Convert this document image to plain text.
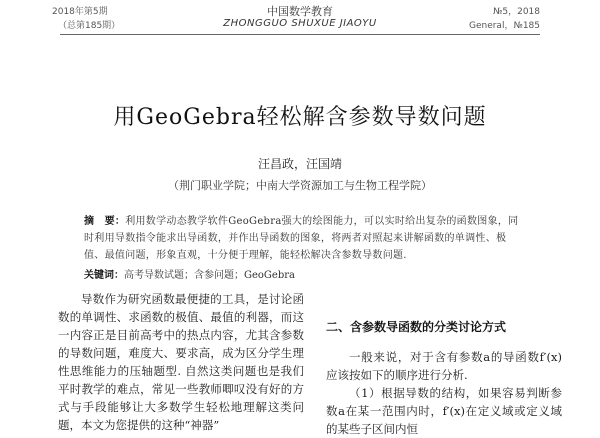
2018年第5期
（总第185期）
中国数学教育
ZHONGGUO SHUXUE JIAOYU
№5，2018
General，№185
用GeoGebra轻松解含参数导数问题
汪昌政，汪国靖
（荆门职业学院；中南大学资源加工与生物工程学院）
摘　要：利用数学动态教学软件GeoGebra强大的绘图能力，可以实时给出复杂的函数图象，同时利用导数指令能求出导函数，并作出导函数的图象，将两者对照起来讲解函数的单调性、极值、最值问题，形象直观，十分便于理解，能轻松解决含参数导数问题.
关键词：高考导数试题；含参问题；GeoGebra
导数作为研究函数最便捷的工具，是讨论函数的单调性、求函数的极值、最值的利器，而这一内容正是目前高考中的热点内容，尤其含参数的导数问题，难度大、要求高，成为区分学生理性思维能力的压轴题型. 自然这类问题也是我们平时教学的难点，常见一些教师唧叹没有好的方式与手段能够让大多数学生轻松地理解这类问题，本文为您提供的这种“神器”
二、含参数导函数的分类讨论方式

一般来说，对于含有参数a的导函数f′(x)应该按如下的顺序进行分析.

（1）根据导数的结构，如果容易判断参数a在某一范围内时，f′(x)在定义域或定义域的某些子区间内恒
